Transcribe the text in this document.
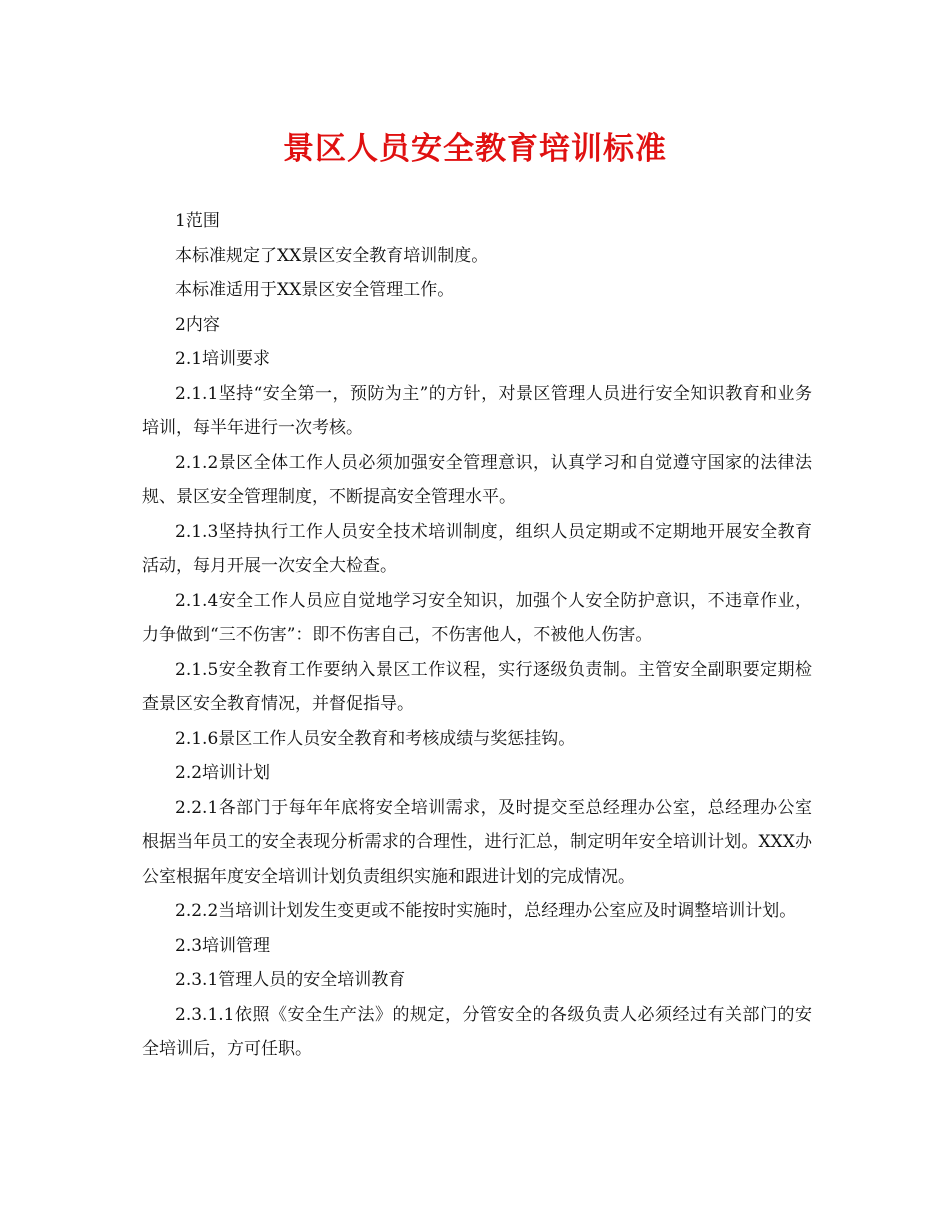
景区人员安全教育培训标准

1范围

本标准规定了XX景区安全教育培训制度。

本标准适用于XX景区安全管理工作。

2内容

2.1培训要求

2.1.1坚持“安全第一，预防为主”的方针，对景区管理人员进行安全知识教育和业务培训，每半年进行一次考核。

2.1.2景区全体工作人员必须加强安全管理意识，认真学习和自觉遵守国家的法律法规、景区安全管理制度，不断提高安全管理水平。

2.1.3坚持执行工作人员安全技术培训制度，组织人员定期或不定期地开展安全教育活动，每月开展一次安全大检查。

2.1.4安全工作人员应自觉地学习安全知识，加强个人安全防护意识，不违章作业，力争做到“三不伤害”：即不伤害自己，不伤害他人，不被他人伤害。

2.1.5安全教育工作要纳入景区工作议程，实行逐级负责制。主管安全副职要定期检查景区安全教育情况，并督促指导。

2.1.6景区工作人员安全教育和考核成绩与奖惩挂钩。

2.2培训计划

2.2.1各部门于每年年底将安全培训需求，及时提交至总经理办公室，总经理办公室根据当年员工的安全表现分析需求的合理性，进行汇总，制定明年安全培训计划。XXX办公室根据年度安全培训计划负责组织实施和跟进计划的完成情况。

2.2.2当培训计划发生变更或不能按时实施时，总经理办公室应及时调整培训计划。

2.3培训管理

2.3.1管理人员的安全培训教育

2.3.1.1依照《安全生产法》的规定，分管安全的各级负责人必须经过有关部门的安全培训后，方可任职。
